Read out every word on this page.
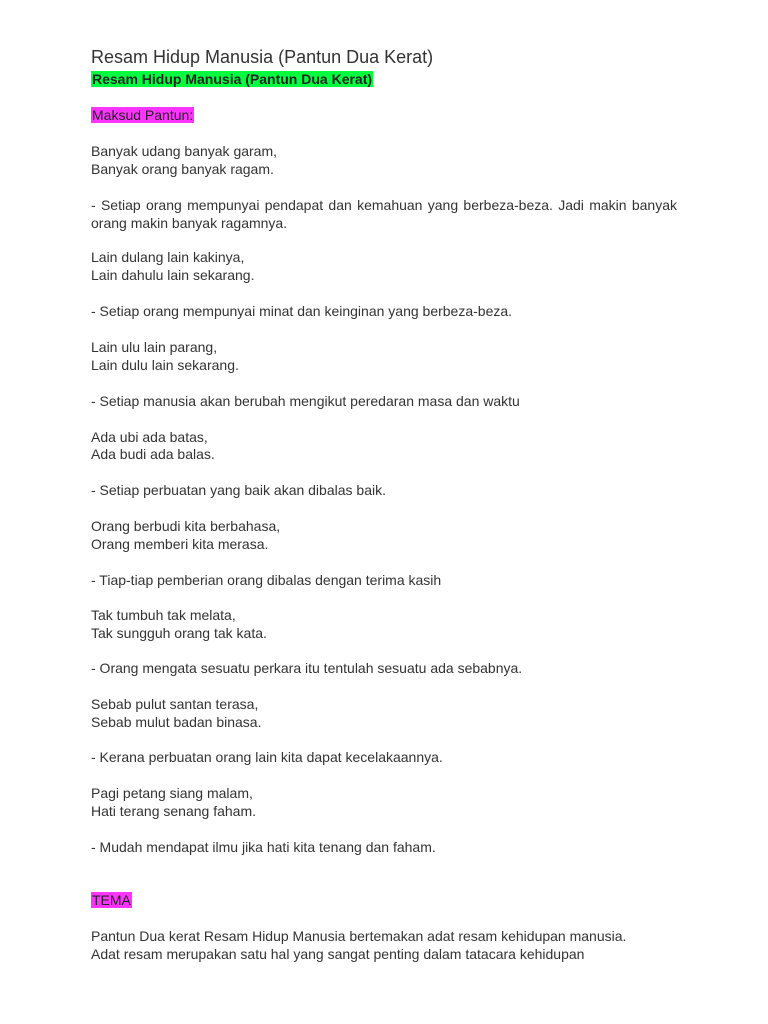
Resam Hidup Manusia (Pantun Dua Kerat)
Resam Hidup Manusia (Pantun Dua Kerat)
Maksud Pantun:
Banyak udang banyak garam,
Banyak orang banyak ragam.
- Setiap orang mempunyai pendapat dan kemahuan yang berbeza-beza. Jadi makin banyak orang makin banyak ragamnya.
Lain dulang lain kakinya,
Lain dahulu lain sekarang.
- Setiap orang mempunyai minat dan keinginan yang berbeza-beza.
Lain ulu lain parang,
Lain dulu lain sekarang.
- Setiap manusia akan berubah mengikut peredaran masa dan waktu
Ada ubi ada batas,
Ada budi ada balas.
- Setiap perbuatan yang baik akan dibalas baik.
Orang berbudi kita berbahasa,
Orang memberi kita merasa.
- Tiap-tiap pemberian orang dibalas dengan terima kasih
Tak tumbuh tak melata,
Tak sungguh orang tak kata.
- Orang mengata sesuatu perkara itu tentulah sesuatu ada sebabnya.
Sebab pulut santan terasa,
Sebab mulut badan binasa.
- Kerana perbuatan orang lain kita dapat kecelakaannya.
Pagi petang siang malam,
Hati terang senang faham.
- Mudah mendapat ilmu jika hati kita tenang dan faham.
TEMA
Pantun Dua kerat Resam Hidup Manusia bertemakan adat resam kehidupan manusia.
Adat resam merupakan satu hal yang sangat penting dalam tatacara kehidupan
